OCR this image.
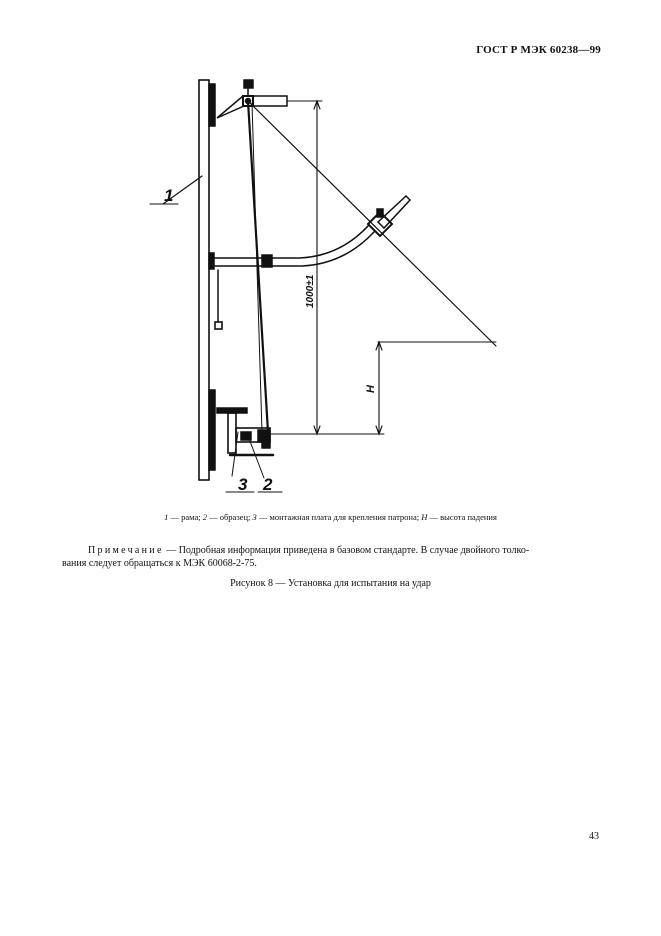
ГОСТ Р МЭК 60238—99
1
3 2
1000±1
H
1 — рама; 2 — образец; 3 — монтажная плата для крепления патрона; H — высота падения
Примечание — Подробная информация приведена в базовом стандарте. В случае двойного толко-
вания следует обращаться к МЭК 60068-2-75.
Рисунок 8 — Установка для испытания на удар
43
